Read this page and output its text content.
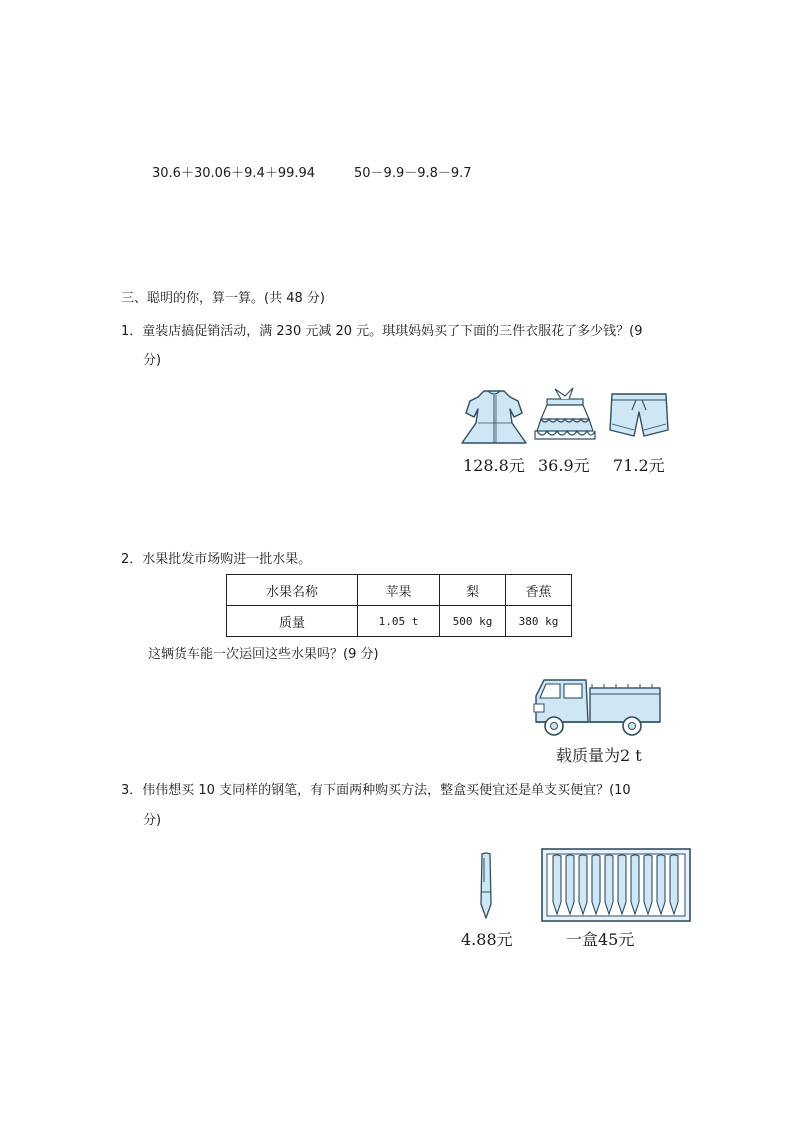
30.6＋30.06＋9.4＋99.94	50－9.9－9.8－9.7
三、聪明的你，算一算。(共 48 分)
1．童装店搞促销活动，满 230 元减 20 元。琪琪妈妈买了下面的三件衣服花了多少钱？(9
分)
128.8元 36.9元 71.2元
2．水果批发市场购进一批水果。
水果名称	苹果	梨	香蕉
质量	1.05 t	500 kg	380 kg
这辆货车能一次运回这些水果吗？(9 分)
载质量为2 t
3．伟伟想买 10 支同样的钢笔，有下面两种购买方法，整盒买便宜还是单支买便宜？(10
分)
4.88元	一盒45元
